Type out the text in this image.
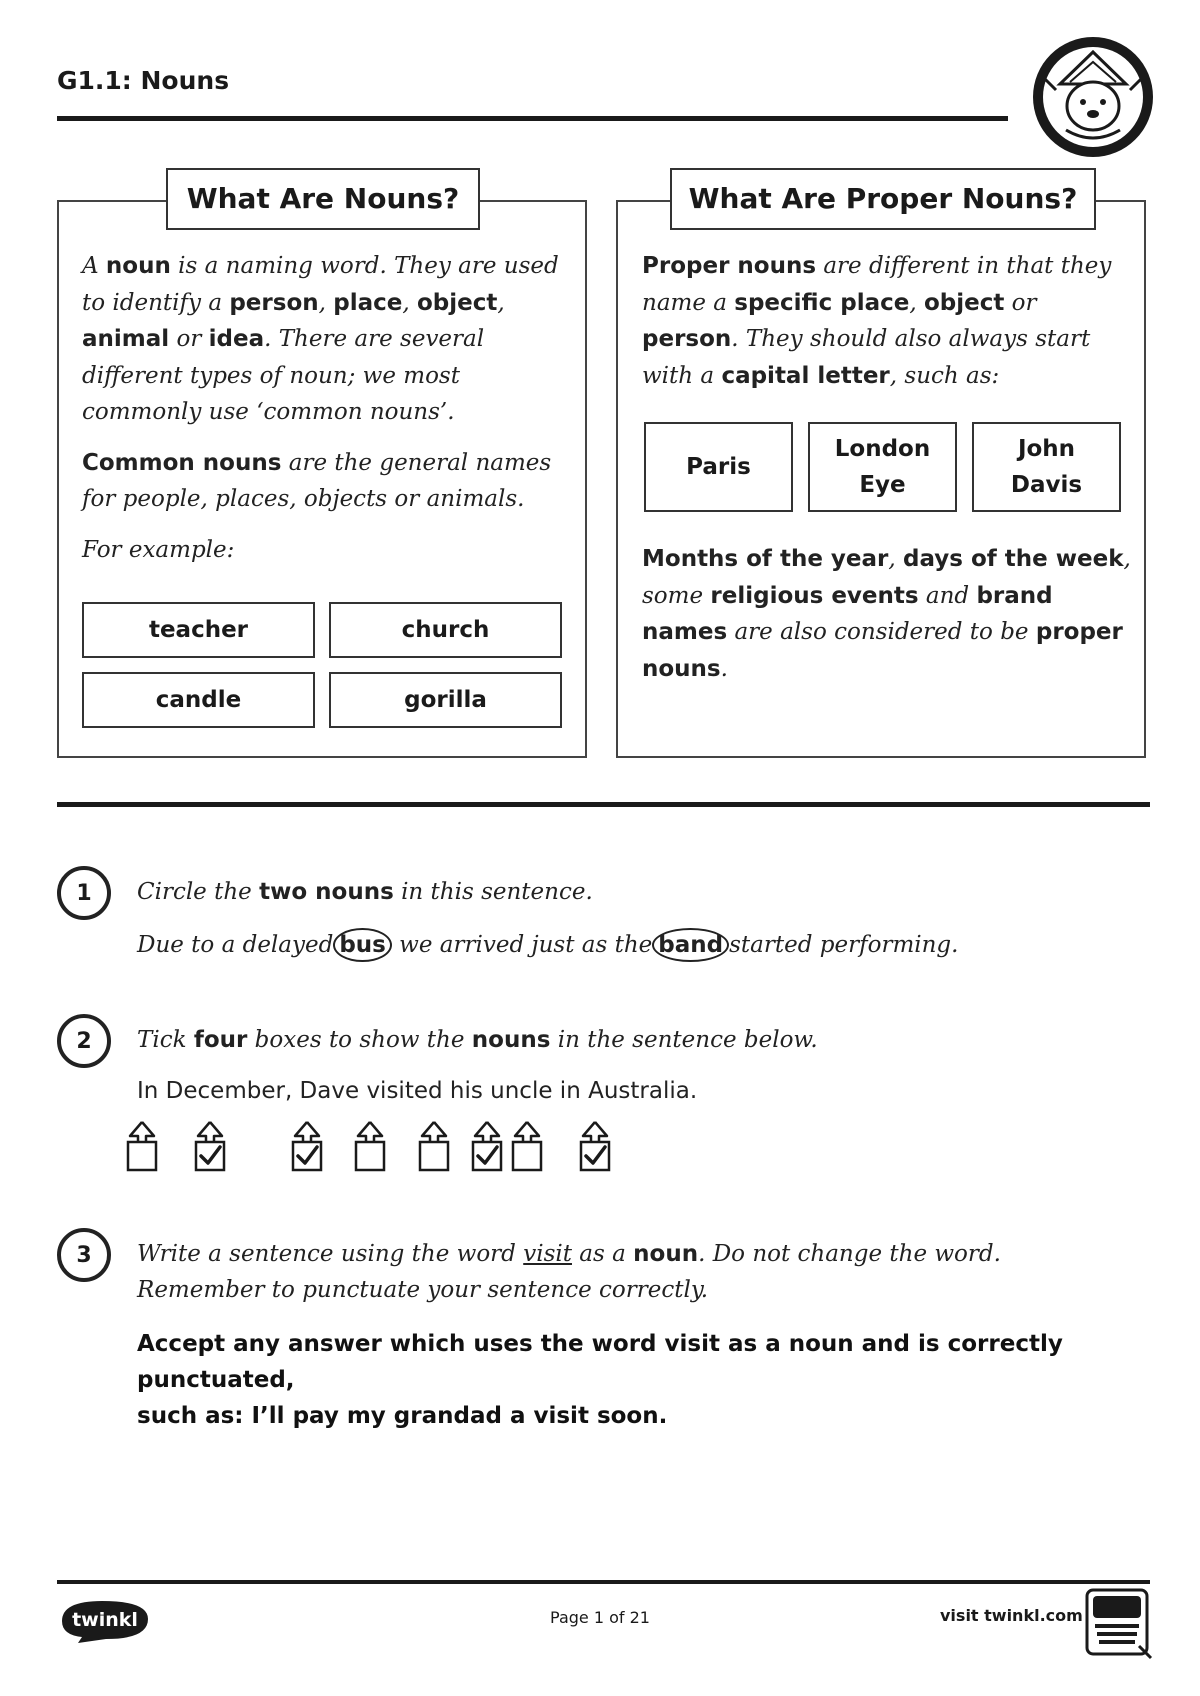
G1.1: Nouns
What Are Nouns?

A noun is a naming word. They are used to identify a person, place, object, animal or idea. There are several different types of noun; we most commonly use ‘common nouns’.

Common nouns are the general names for people, places, objects or animals.

For example:

teacher	church
candle	gorilla
What Are Proper Nouns?

Proper nouns are different in that they name a specific place, object or person. They should also always start with a capital letter, such as:

Paris
London Eye
John Davis

Months of the year, days of the week, some religious events and brand names are also considered to be proper nouns.

1	Circle the two nouns in this sentence.
Due to a delayed bus we arrived just as the band started performing.
2	Tick four boxes to show the nouns in the sentence below.
In December, Dave visited his uncle in Australia.
3	Write a sentence using the word visit as a noun. Do not change the word.
Remember to punctuate your sentence correctly.
Accept any answer which uses the word visit as a noun and is correctly punctuated,
such as: I’ll pay my grandad a visit soon.
twinkl	Page 1 of 21	visit twinkl.com
